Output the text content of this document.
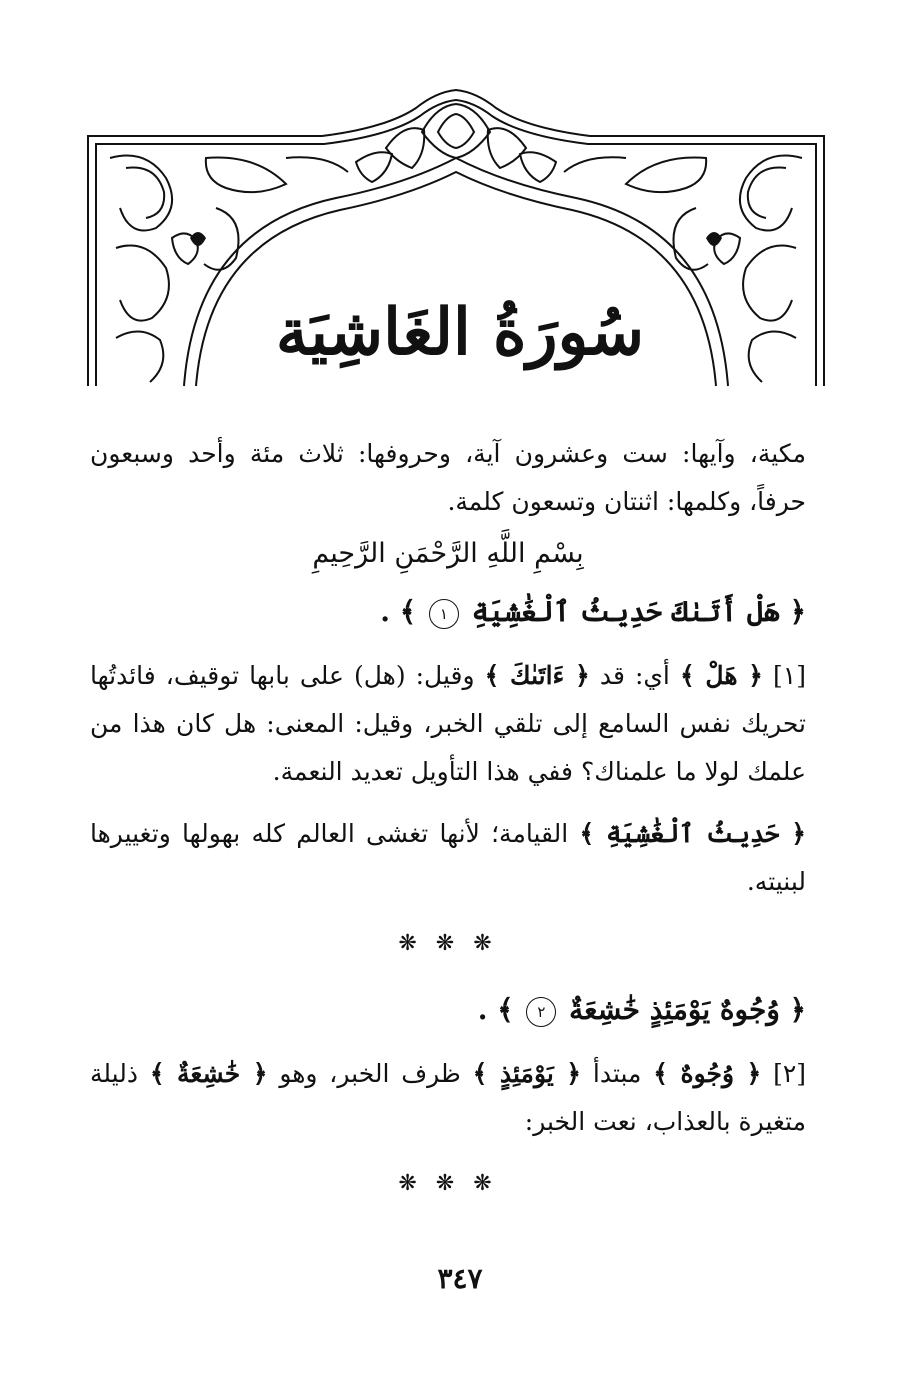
سُورَةُ الغَاشِيَة

مكية، وآيها: ست وعشرون آية، وحروفها: ثلاث مئة وأحد وسبعون حرفاً، وكلمها: اثنتان وتسعون كلمة.

بِسْمِ اللَّهِ الرَّحْمَنِ الرَّحِيمِ
﴿ هَلْ أَتَىٰكَ حَدِيثُ ٱلْغَٰشِيَةِ ١ ﴾ .

[١] ﴿ هَلْ ﴾ أي: قد ﴿ ءَاتَىٰكَ ﴾ وقيل: (هل) على بابها توقيف، فائدتُها تحريك نفس السامع إلى تلقي الخبر، وقيل: المعنى: هل كان هذا من علمك لولا ما علمناك؟ ففي هذا التأويل تعديد النعمة.

﴿ حَدِيثُ ٱلْغَٰشِيَةِ ﴾ القيامة؛ لأنها تغشى العالم كله بهولها وتغييرها لبنيته.

❋ ❋ ❋
﴿ وُجُوهٌ يَوْمَئِذٍ خَٰشِعَةٌ ٢ ﴾ .

[٢] ﴿ وُجُوهٌ ﴾ مبتدأ ﴿ يَوْمَئِذٍ ﴾ ظرف الخبر، وهو ﴿ خَٰشِعَةٌ ﴾ ذليلة متغيرة بالعذاب، نعت الخبر:

❋ ❋ ❋
٣٤٧
